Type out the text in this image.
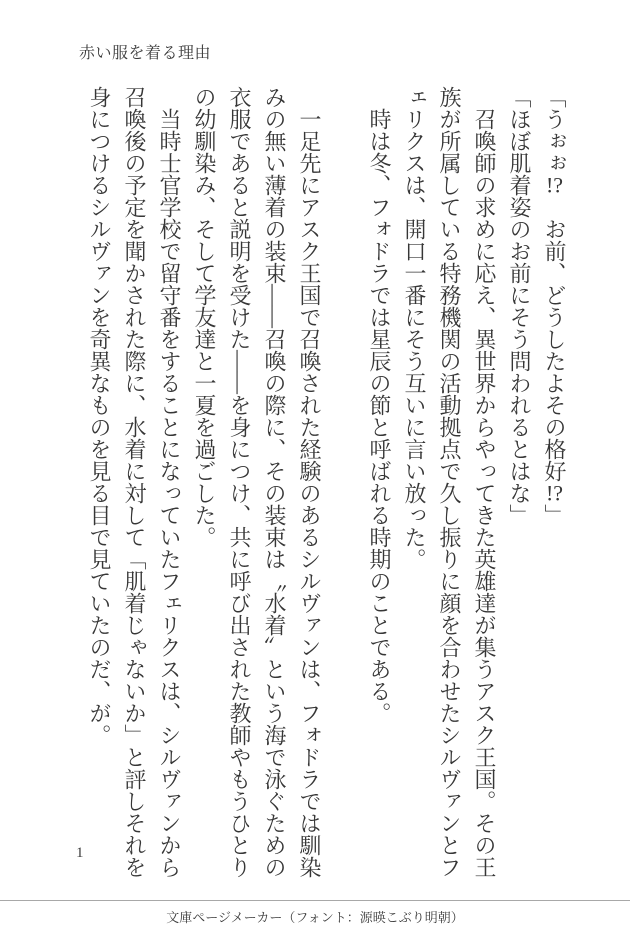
赤い服を着る理由
「うぉぉ!?　お前、どうしたよその格好!?」
「ほぼ肌着姿のお前にそう問われるとはな」
　召喚師の求めに応え、異世界からやってきた英雄達が集うアスク王国。その王
族が所属している特務機関の活動拠点で久し振りに顔を合わせたシルヴァンとフ
ェリクスは、開口一番にそう互いに言い放った。
　時は冬、フォドラでは星辰の節と呼ばれる時期のことである。

　一足先にアスク王国で召喚された経験のあるシルヴァンは、フォドラでは馴染
みの無い薄着の装束――召喚の際に、その装束は〝水着〟という海で泳ぐための
衣服であると説明を受けた――を身につけ、共に呼び出された教師やもうひとり
の幼馴染み、そして学友達と一夏を過ごした。
　当時士官学校で留守番をすることになっていたフェリクスは、シルヴァンから
召喚後の予定を聞かされた際に、水着に対して「肌着じゃないか」と評しそれを
身につけるシルヴァンを奇異なものを見る目で見ていたのだ、が。
1
文庫ページメーカー（フォント：源暎こぶり明朝）
